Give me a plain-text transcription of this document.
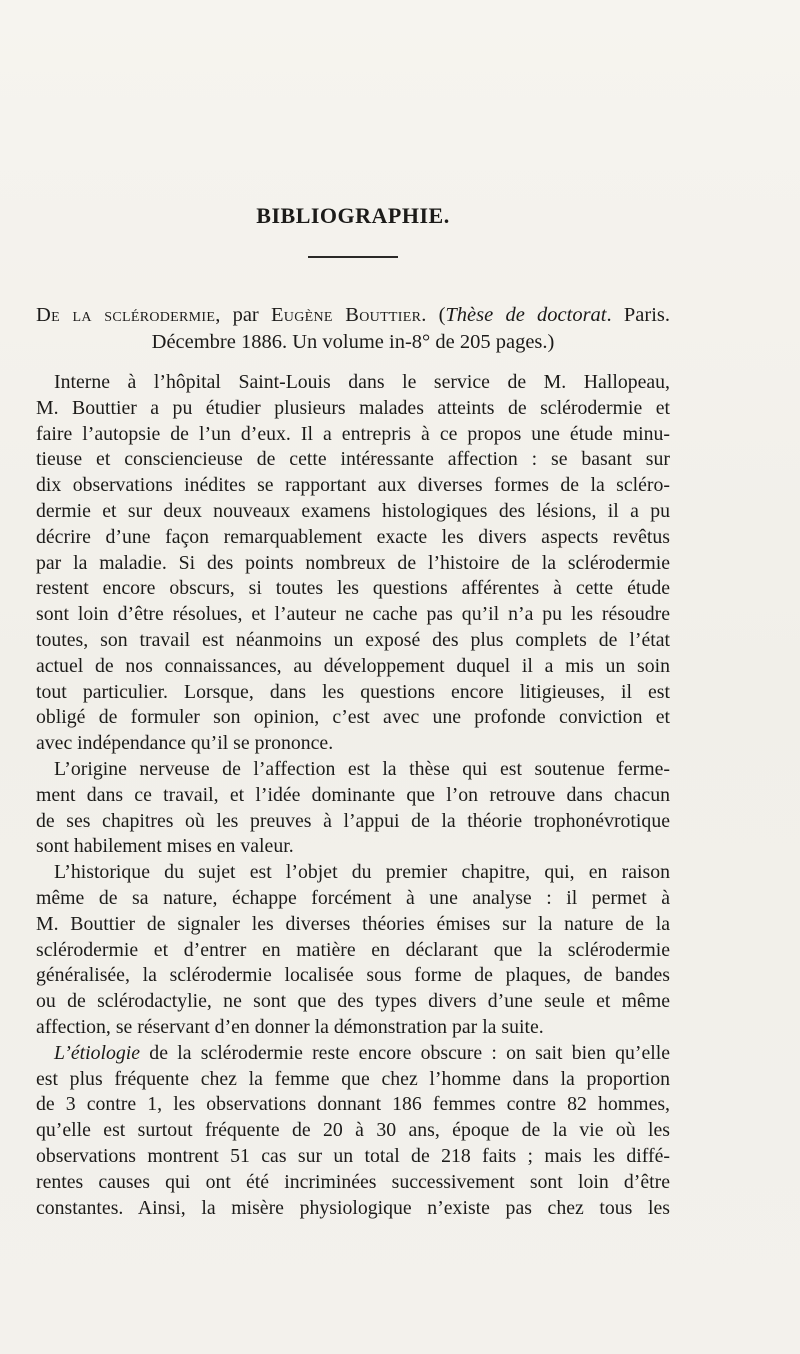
BIBLIOGRAPHIE.
De la sclérodermie, par Eugène Bouttier. (Thèse de doctorat. Paris.
Décembre 1886. Un volume in-8° de 205 pages.)
Interne à l’hôpital Saint-Louis dans le service de M. Hallopeau,
M. Bouttier a pu étudier plusieurs malades atteints de sclérodermie et
faire l’autopsie de l’un d’eux. Il a entrepris à ce propos une étude minu-
tieuse et consciencieuse de cette intéressante affection : se basant sur
dix observations inédites se rapportant aux diverses formes de la scléro-
dermie et sur deux nouveaux examens histologiques des lésions, il a pu
décrire d’une façon remarquablement exacte les divers aspects revêtus
par la maladie. Si des points nombreux de l’histoire de la sclérodermie
restent encore obscurs, si toutes les questions afférentes à cette étude
sont loin d’être résolues, et l’auteur ne cache pas qu’il n’a pu les résoudre
toutes, son travail est néanmoins un exposé des plus complets de l’état
actuel de nos connaissances, au développement duquel il a mis un soin
tout particulier. Lorsque, dans les questions encore litigieuses, il est
obligé de formuler son opinion, c’est avec une profonde conviction et
avec indépendance qu’il se prononce.
L’origine nerveuse de l’affection est la thèse qui est soutenue ferme-
ment dans ce travail, et l’idée dominante que l’on retrouve dans chacun
de ses chapitres où les preuves à l’appui de la théorie trophonévrotique
sont habilement mises en valeur.
L’historique du sujet est l’objet du premier chapitre, qui, en raison
même de sa nature, échappe forcément à une analyse : il permet à
M. Bouttier de signaler les diverses théories émises sur la nature de la
sclérodermie et d’entrer en matière en déclarant que la sclérodermie
généralisée, la sclérodermie localisée sous forme de plaques, de bandes
ou de sclérodactylie, ne sont que des types divers d’une seule et même
affection, se réservant d’en donner la démonstration par la suite.
L’étiologie de la sclérodermie reste encore obscure : on sait bien qu’elle
est plus fréquente chez la femme que chez l’homme dans la proportion
de 3 contre 1, les observations donnant 186 femmes contre 82 hommes,
qu’elle est surtout fréquente de 20 à 30 ans, époque de la vie où les
observations montrent 51 cas sur un total de 218 faits ; mais les diffé-
rentes causes qui ont été incriminées successivement sont loin d’être
constantes. Ainsi, la misère physiologique n’existe pas chez tous les
